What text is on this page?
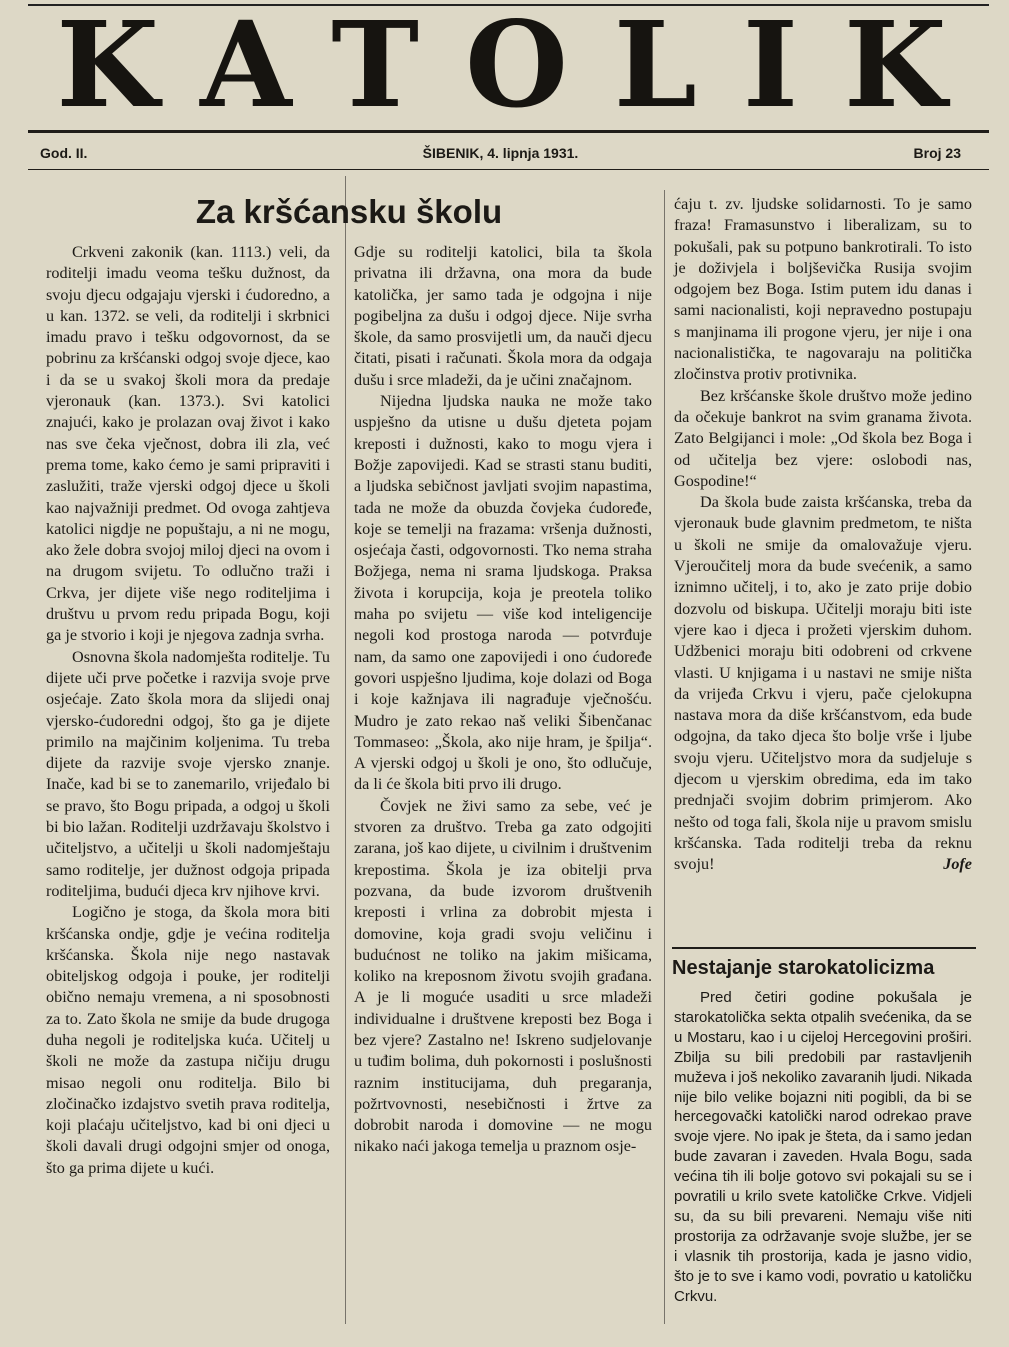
KATOLIK
God. II.	ŠIBENIK, 4. lipnja 1931.	Broj 23
Za kršćansku školu

Crkveni zakonik (kan. 1113.) veli, da roditelji imadu veoma tešku dužnost, da svoju djecu odgajaju vjerski i ćudoredno, a u kan. 1372. se veli, da roditelji i skrbnici imadu pravo i tešku odgovornost, da se pobrinu za kršćanski odgoj svoje djece, kao i da se u svakoj školi mora da predaje vjeronauk (kan. 1373.). Svi katolici znajući, kako je prolazan ovaj život i kako nas sve čeka vječnost, dobra ili zla, već prema tome, kako ćemo je sami pripraviti i zaslužiti, traže vjerski odgoj djece u školi kao najvažniji predmet. Od ovoga zahtjeva katolici nigdje ne popuštaju, a ni ne mogu, ako žele dobra svojoj miloj djeci na ovom i na drugom svijetu. To odlučno traži i Crkva, jer dijete više nego roditeljima i društvu u prvom redu pripada Bogu, koji ga je stvorio i koji je njegova zadnja svrha.

Osnovna škola nadomješta roditelje. Tu dijete uči prve početke i razvija svoje prve osjećaje. Zato škola mora da slijedi onaj vjersko-ćudoredni odgoj, što ga je dijete primilo na majčinim koljenima. Tu treba dijete da razvije svoje vjersko znanje. Inače, kad bi se to zanemarilo, vrijeđalo bi se pravo, što Bogu pripada, a odgoj u školi bi bio lažan. Roditelji uzdržavaju školstvo i učiteljstvo, a učitelji u školi nadomještaju samo roditelje, jer dužnost odgoja pripada roditeljima, budući djeca krv njihove krvi.

Logično je stoga, da škola mora biti kršćanska ondje, gdje je većina roditelja kršćanska. Škola nije nego nastavak obiteljskog odgoja i pouke, jer roditelji obično nemaju vremena, a ni sposobnosti za to. Zato škola ne smije da bude drugoga duha negoli je roditeljska kuća. Učitelj u školi ne može da zastupa ničiju drugu misao negoli onu roditelja. Bilo bi zločinačko izdajstvo svetih prava roditelja, koji plaćaju učiteljstvo, kad bi oni djeci u školi davali drugi odgojni smjer od onoga, što ga prima dijete u kući.

Gdje su roditelji katolici, bila ta škola privatna ili državna, ona mora da bude katolička, jer samo tada je odgojna i nije pogibeljna za dušu i odgoj djece. Nije svrha škole, da samo prosvijetli um, da nauči djecu čitati, pisati i računati. Škola mora da odgaja dušu i srce mladeži, da je učini značajnom.

Nijedna ljudska nauka ne može tako uspješno da utisne u dušu djeteta pojam kreposti i dužnosti, kako to mogu vjera i Božje zapovijedi. Kad se strasti stanu buditi, a ljudska sebičnost javljati svojim napastima, tada ne može da obuzda čovjeka ćudoređe, koje se temelji na frazama: vršenja dužnosti, osjećaja časti, odgovornosti. Tko nema straha Božjega, nema ni srama ljudskoga. Praksa života i korupcija, koja je preotela toliko maha po svijetu — više kod inteligencije negoli kod prostoga naroda — potvrđuje nam, da samo one zapovijedi i ono ćudoređe govori uspješno ljudima, koje dolazi od Boga i koje kažnjava ili nagrađuje vječnošću. Mudro je zato rekao naš veliki Šibenčanac Tommaseo: „Škola, ako nije hram, je špilja“. A vjerski odgoj u školi je ono, što odlučuje, da li će škola biti prvo ili drugo.

Čovjek ne živi samo za sebe, već je stvoren za društvo. Treba ga zato odgojiti zarana, još kao dijete, u civilnim i društvenim krepostima. Škola je iza obitelji prva pozvana, da bude izvorom društvenih kreposti i vrlina za dobrobit mjesta i domovine, koja gradi svoju veličinu i budućnost ne toliko na jakim mišicama, koliko na kreposnom životu svojih građana. A je li moguće usaditi u srce mladeži individualne i društvene kreposti bez Boga i bez vjere? Zastalno ne! Iskreno sudjelovanje u tuđim bolima, duh pokornosti i poslušnosti raznim institucijama, duh pregaranja, požrtvovnosti, nesebičnosti i žrtve za dobrobit naroda i domovine — ne mogu nikako naći jakoga temelja u praznom osje-

ćaju t. zv. ljudske solidarnosti. To je samo fraza! Framasunstvo i liberalizam, su to pokušali, pak su potpuno bankrotirali. To isto je doživjela i boljševička Rusija svojim odgojem bez Boga. Istim putem idu danas i sami nacionalisti, koji nepravedno postupaju s manjinama ili progone vjeru, jer nije i ona nacionalistička, te nagovaraju na politička zločinstva protiv protivnika.

Bez kršćanske škole društvo može jedino da očekuje bankrot na svim granama života. Zato Belgijanci i mole: „Od škola bez Boga i od učitelja bez vjere: oslobodi nas, Gospodine!“

Da škola bude zaista kršćanska, treba da vjeronauk bude glavnim predmetom, te ništa u školi ne smije da omalovažuje vjeru. Vjeroučitelj mora da bude svećenik, a samo iznimno učitelj, i to, ako je zato prije dobio dozvolu od biskupa. Učitelji moraju biti iste vjere kao i djeca i prožeti vjerskim duhom. Udžbenici moraju biti odobreni od crkvene vlasti. U knjigama i u nastavi ne smije ništa da vrijeđa Crkvu i vjeru, pače cjelokupna nastava mora da diše kršćanstvom, eda bude odgojna, da tako djeca što bolje vrše i ljube svoju vjeru. Učiteljstvo mora da sudjeluje s djecom u vjerskim obredima, eda im tako prednjači svojim dobrim primjerom. Ako nešto od toga fali, škola nije u pravom smislu kršćanska. Tada roditelji treba da reknu svoju!	Jofe

Nestajanje starokatolicizma

Pred četiri godine pokušala je starokatolička sekta otpalih svećenika, da se u Mostaru, kao i u cijeloj Hercegovini proširi. Zbilja su bili predobili par rastavljenih muževa i još nekoliko zavaranih ljudi. Nikada nije bilo velike bojazni niti pogibli, da bi se hercegovački katolički narod odrekao prave svoje vjere. No ipak je šteta, da i samo jedan bude zavaran i zaveden. Hvala Bogu, sada većina tih ili bolje gotovo svi pokajali su se i povratili u krilo svete katoličke Crkve. Vidjeli su, da su bili prevareni. Nemaju više niti prostorija za održavanje svoje službe, jer se i vlasnik tih prostorija, kada je jasno vidio, što je to sve i kamo vodi, povratio u katoličku Crkvu.
